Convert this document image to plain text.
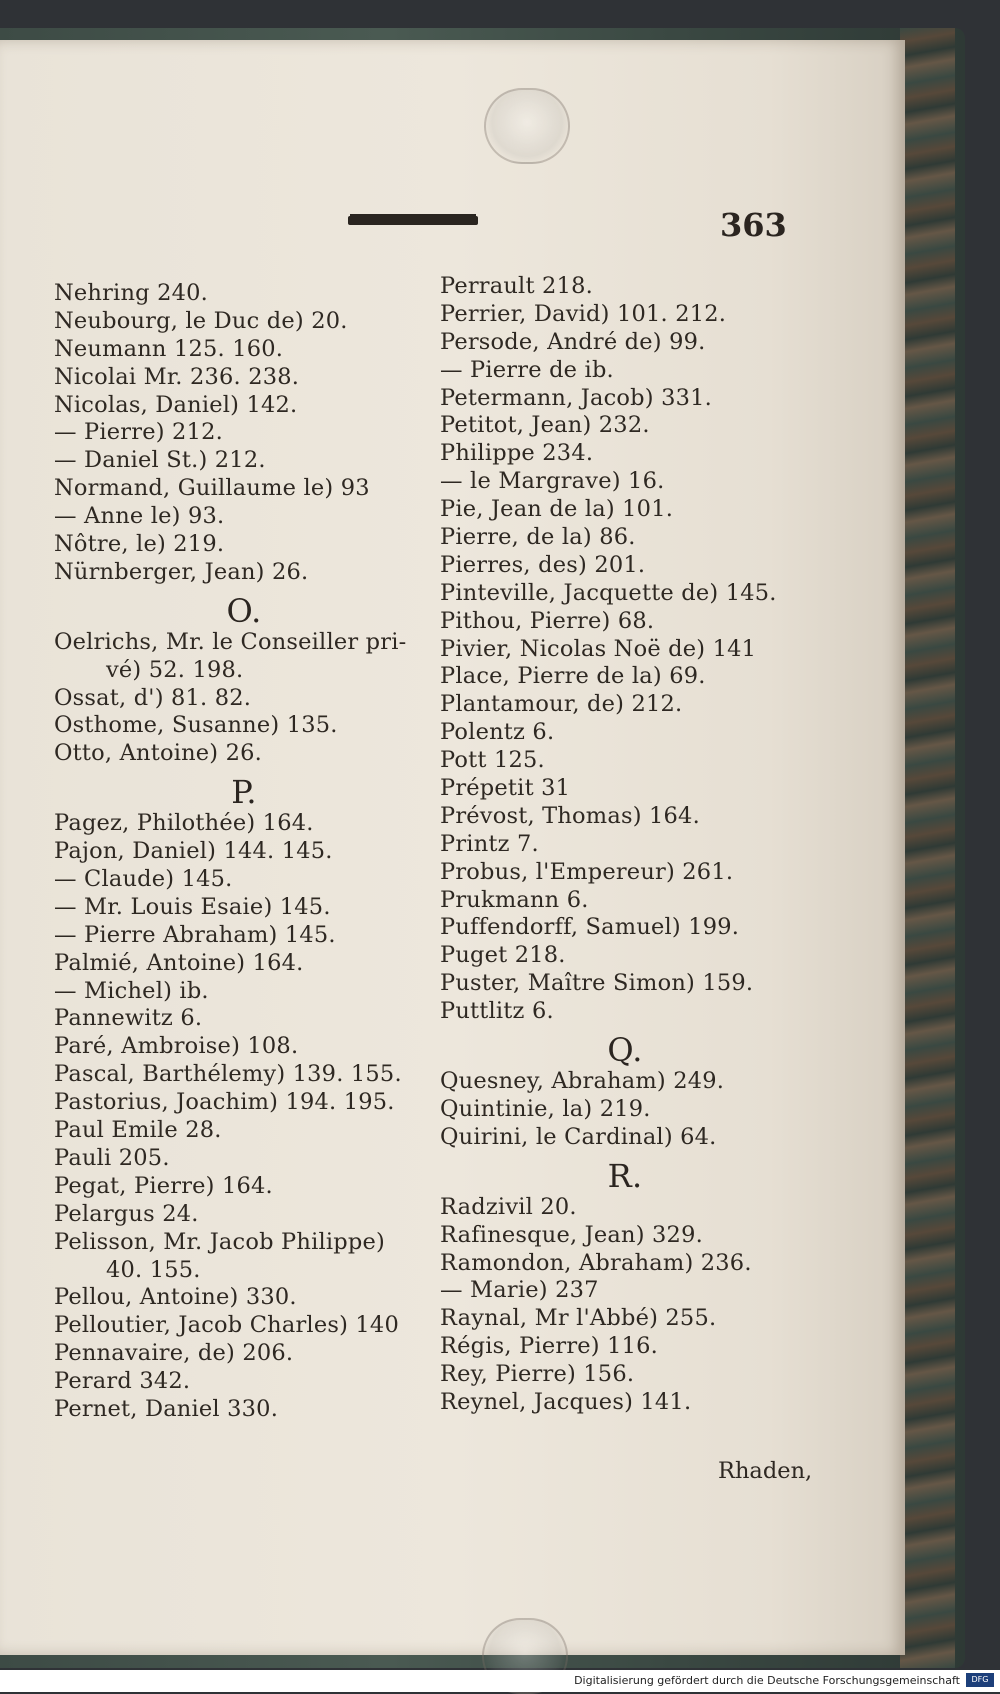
363
Nehring 240.
Neubourg, le Duc de) 20.
Neumann 125. 160.
Nicolai Mr. 236. 238.
Nicolas, Daniel) 142.
— Pierre) 212.
— Daniel St.) 212.
Normand, Guillaume le) 93
— Anne le) 93.
Nôtre, le) 219.
Nürnberger, Jean) 26.
O.
Oelrichs, Mr. le Conseiller pri-
vé) 52. 198.
Ossat, d') 81. 82.
Osthome, Susanne) 135.
Otto, Antoine) 26.
P.
Pagez, Philothée) 164.
Pajon, Daniel) 144. 145.
— Claude) 145.
— Mr. Louis Esaie) 145.
— Pierre Abraham) 145.
Palmié, Antoine) 164.
— Michel) ib.
Pannewitz 6.
Paré, Ambroise) 108.
Pascal, Barthélemy) 139. 155.
Pastorius, Joachim) 194. 195.
Paul Emile 28.
Pauli 205.
Pegat, Pierre) 164.
Pelargus 24.
Pelisson, Mr. Jacob Philippe)
40. 155.
Pellou, Antoine) 330.
Pelloutier, Jacob Charles) 140
Pennavaire, de) 206.
Perard 342.
Pernet, Daniel 330.
Perrault 218.
Perrier, David) 101. 212.
Persode, André de) 99.
— Pierre de ib.
Petermann, Jacob) 331.
Petitot, Jean) 232.
Philippe 234.
— le Margrave) 16.
Pie, Jean de la) 101.
Pierre, de la) 86.
Pierres, des) 201.
Pinteville, Jacquette de) 145.
Pithou, Pierre) 68.
Pivier, Nicolas Noë de) 141
Place, Pierre de la) 69.
Plantamour, de) 212.
Polentz 6.
Pott 125.
Prépetit 31
Prévost, Thomas) 164.
Printz 7.
Probus, l'Empereur) 261.
Prukmann 6.
Puffendorff, Samuel) 199.
Puget 218.
Puster, Maître Simon) 159.
Puttlitz 6.
Q.
Quesney, Abraham) 249.
Quintinie, la) 219.
Quirini, le Cardinal) 64.
R.
Radzivil 20.
Rafinesque, Jean) 329.
Ramondon, Abraham) 236.
— Marie) 237
Raynal, Mr l'Abbé) 255.
Régis, Pierre) 116.
Rey, Pierre) 156.
Reynel, Jacques) 141.
Rhaden,
Digitalisierung gefördert durch die Deutsche Forschungsgemeinschaft	DFG
